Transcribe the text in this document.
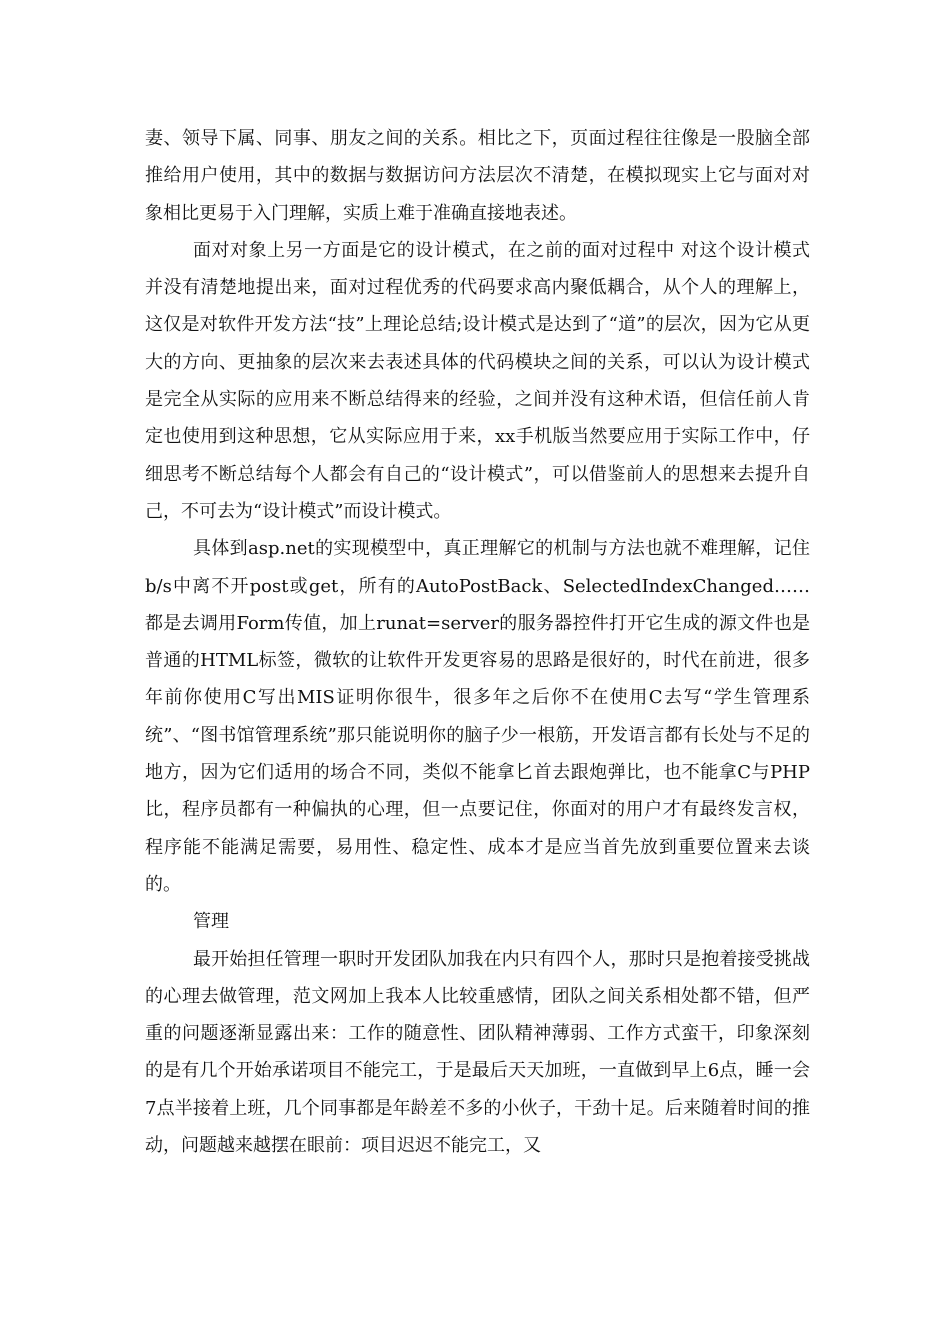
妻、领导下属、同事、朋友之间的关系。相比之下，页面过程往往像是一股脑全部推给用户使用，其中的数据与数据访问方法层次不清楚，在模拟现实上它与面对对象相比更易于入门理解，实质上难于准确直接地表述。

面对对象上另一方面是它的设计模式，在之前的面对过程中 对这个设计模式并没有清楚地提出来，面对过程优秀的代码要求高内聚低耦合，从个人的理解上，这仅是对软件开发方法“技”上理论总结;设计模式是达到了“道”的层次，因为它从更大的方向、更抽象的层次来去表述具体的代码模块之间的关系，可以认为设计模式是完全从实际的应用来不断总结得来的经验，之间并没有这种术语，但信任前人肯定也使用到这种思想，它从实际应用于来，xx手机版当然要应用于实际工作中，仔细思考不断总结每个人都会有自己的“设计模式”，可以借鉴前人的思想来去提升自己，不可去为“设计模式”而设计模式。

具体到asp.net的实现模型中，真正理解它的机制与方法也就不难理解，记住b/s中离不开post或get，所有的AutoPostBack、SelectedIndexChanged……都是去调用Form传值，加上runat=server的服务器控件打开它生成的源文件也是普通的HTML标签，微软的让软件开发更容易的思路是很好的，时代在前进，很多年前你使用C写出MIS证明你很牛，很多年之后你不在使用C去写“学生管理系统”、“图书馆管理系统”那只能说明你的脑子少一根筋，开发语言都有长处与不足的地方，因为它们适用的场合不同，类似不能拿匕首去跟炮弹比，也不能拿C与PHP比，程序员都有一种偏执的心理，但一点要记住，你面对的用户才有最终发言权，程序能不能满足需要，易用性、稳定性、成本才是应当首先放到重要位置来去谈的。

管理

最开始担任管理一职时开发团队加我在内只有四个人，那时只是抱着接受挑战的心理去做管理，范文网加上我本人比较重感情，团队之间关系相处都不错，但严重的问题逐渐显露出来：工作的随意性、团队精神薄弱、工作方式蛮干，印象深刻的是有几个开始承诺项目不能完工，于是最后天天加班，一直做到早上6点，睡一会7点半接着上班，几个同事都是年龄差不多的小伙子，干劲十足。后来随着时间的推动，问题越来越摆在眼前：项目迟迟不能完工，又
